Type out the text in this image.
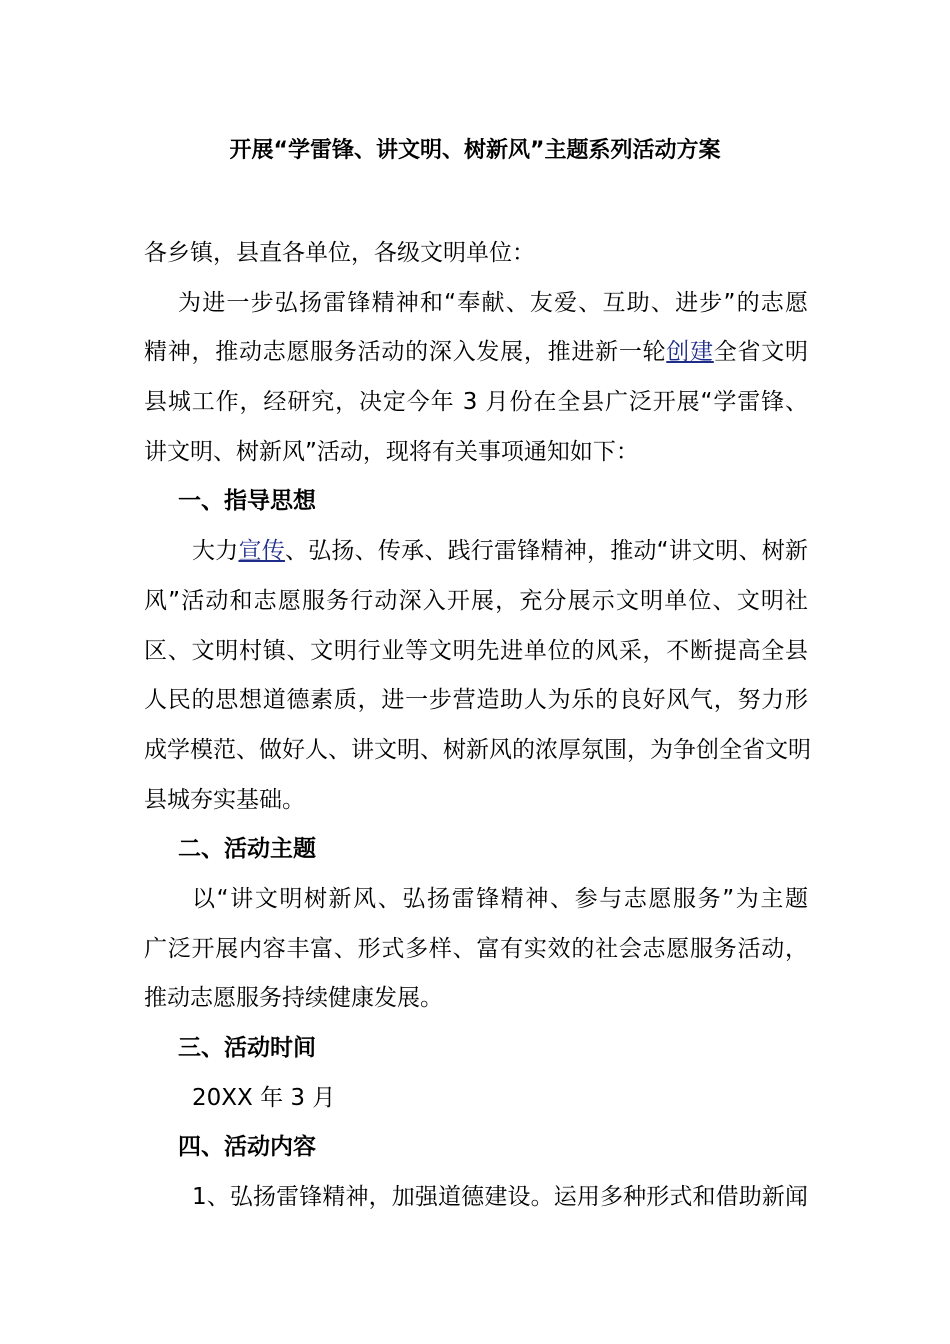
开展“学雷锋、讲文明、树新风”主题系列活动方案
各乡镇，县直各单位，各级文明单位：
为进一步弘扬雷锋精神和“奉献、友爱、互助、进步”的志愿
精神，推动志愿服务活动的深入发展，推进新一轮创建全省文明
县城工作，经研究，决定今年 3 月份在全县广泛开展“学雷锋、
讲文明、树新风”活动，现将有关事项通知如下：
一、指导思想
大力宣传、弘扬、传承、践行雷锋精神，推动“讲文明、树新
风”活动和志愿服务行动深入开展，充分展示文明单位、文明社
区、文明村镇、文明行业等文明先进单位的风采，不断提高全县
人民的思想道德素质，进一步营造助人为乐的良好风气，努力形
成学模范、做好人、讲文明、树新风的浓厚氛围，为争创全省文明
县城夯实基础。
二、活动主题
以“讲文明树新风、弘扬雷锋精神、参与志愿服务”为主题
广泛开展内容丰富、形式多样、富有实效的社会志愿服务活动，
推动志愿服务持续健康发展。
三、活动时间
20XX 年 3 月
四、活动内容
1、弘扬雷锋精神，加强道德建设。运用多种形式和借助新闻
